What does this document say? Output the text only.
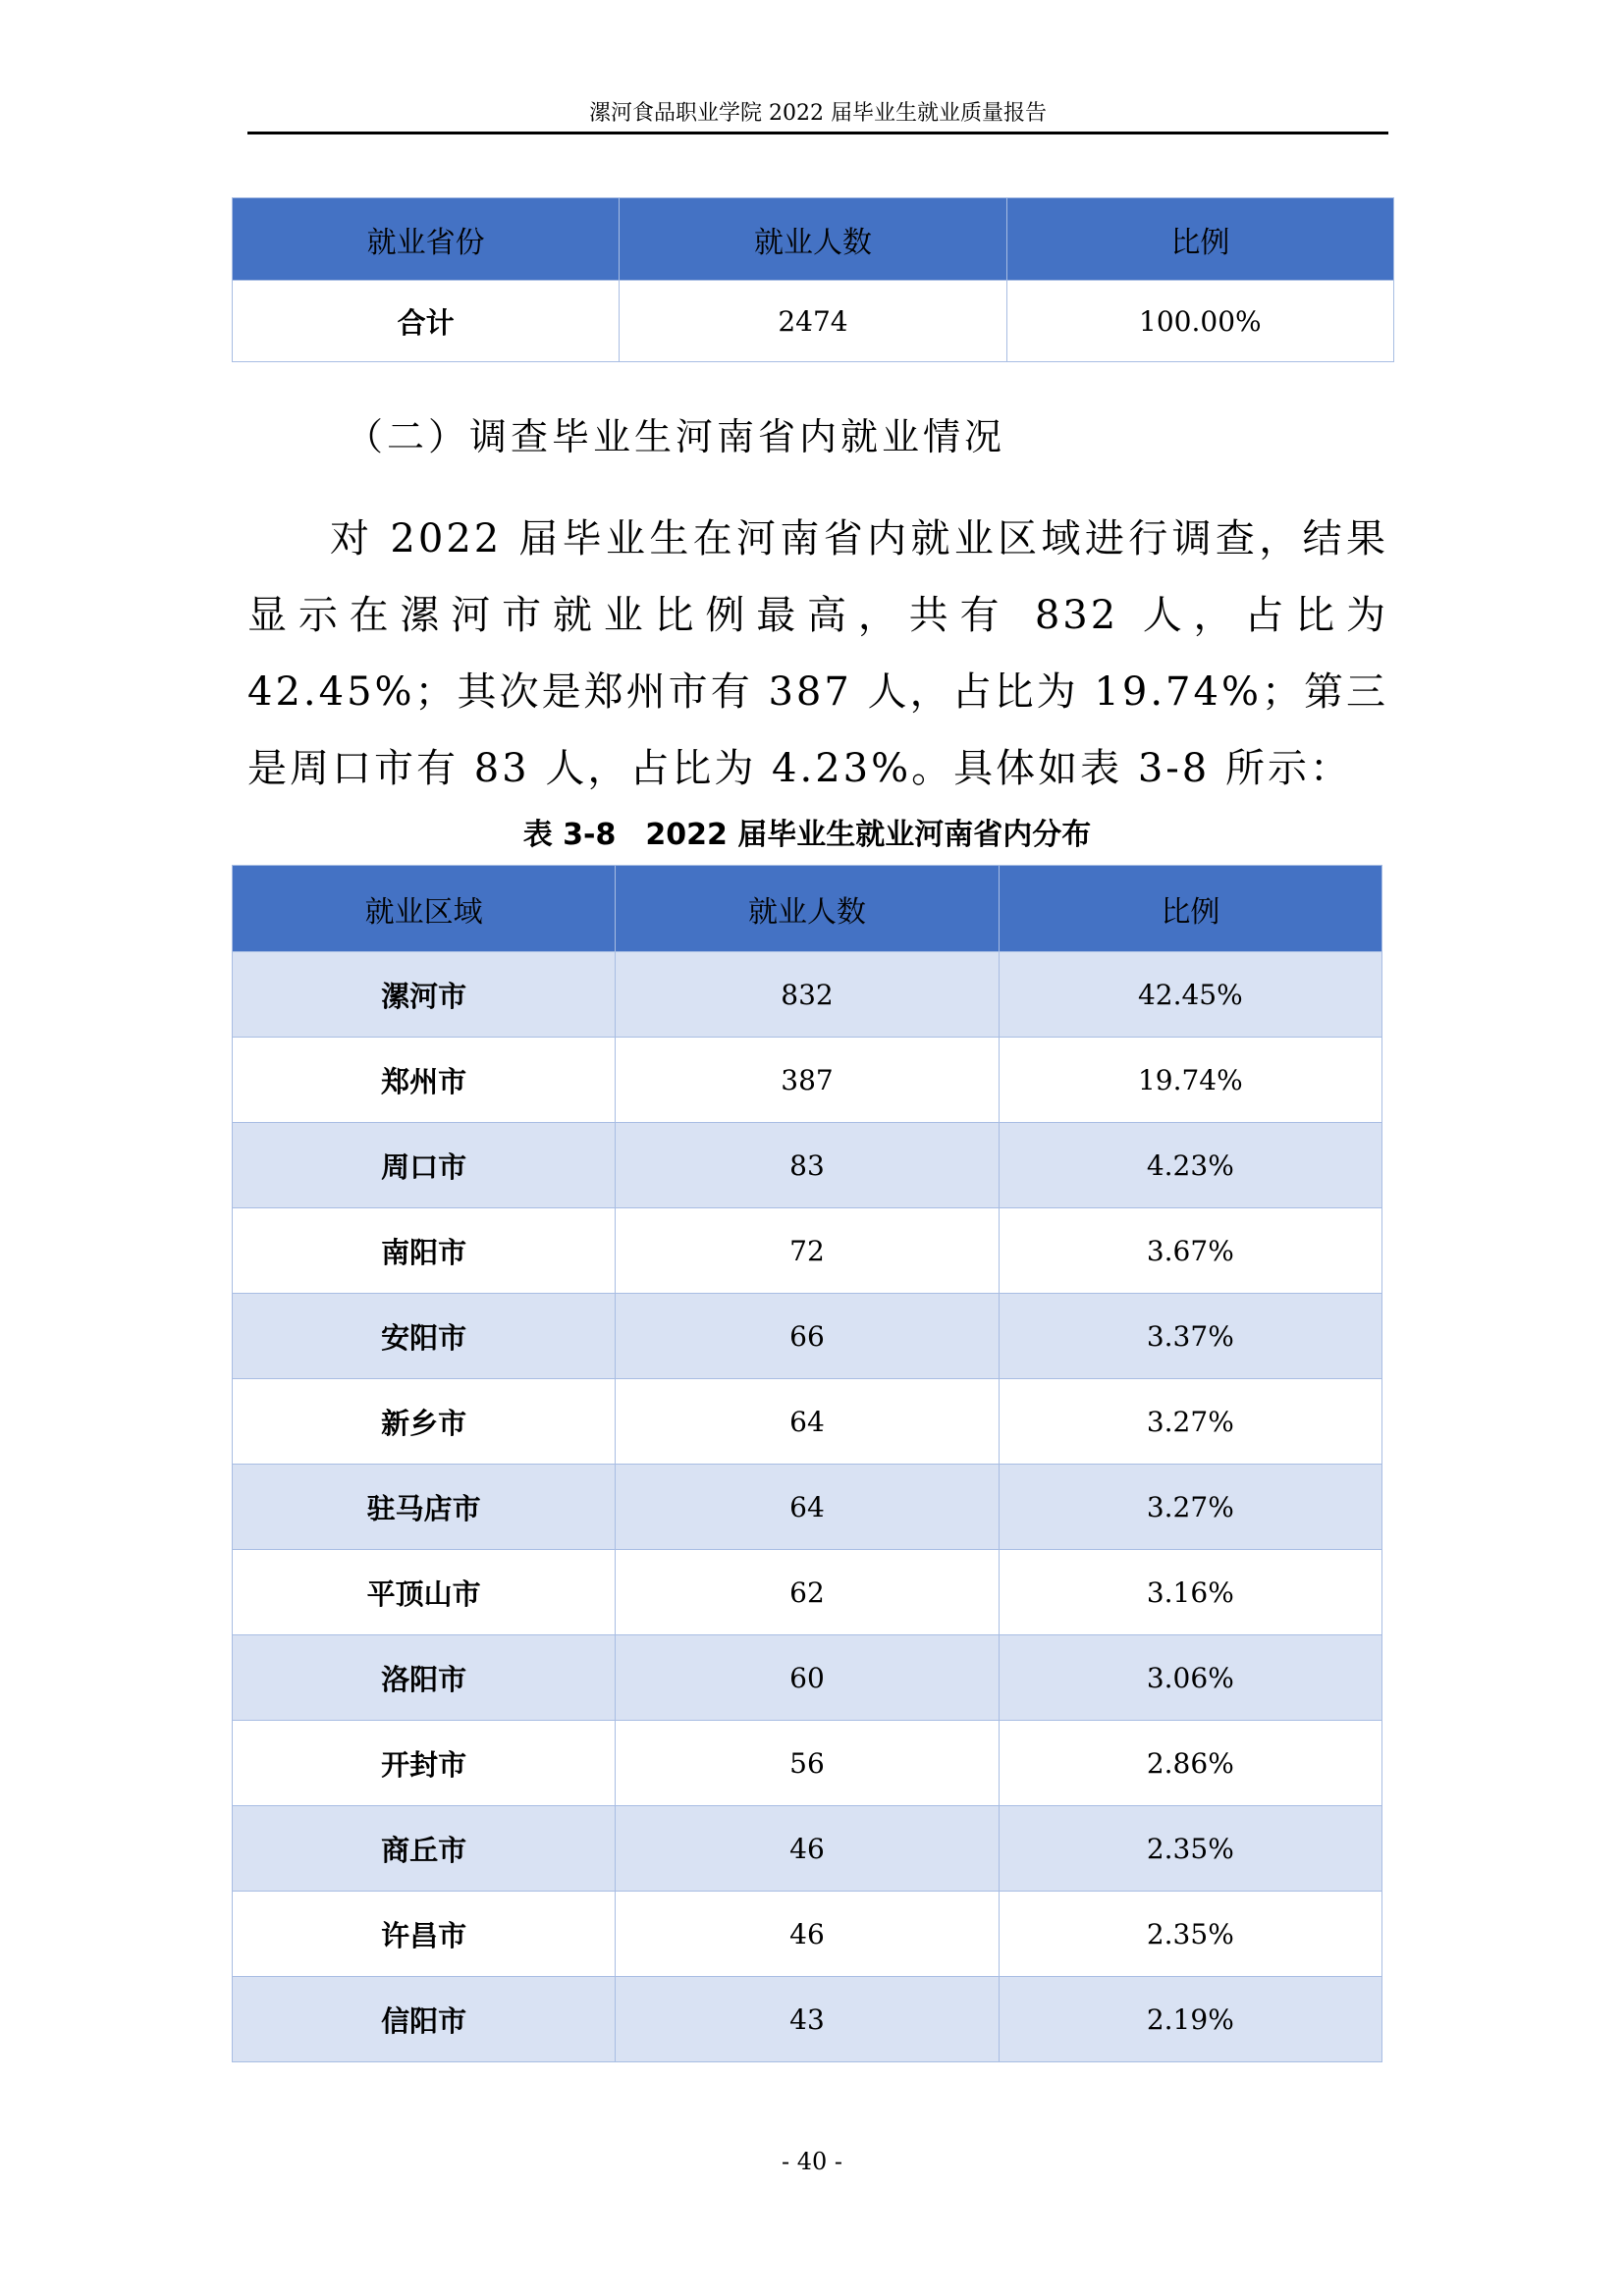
漯河食品职业学院 2022 届毕业生就业质量报告
就业省份	就业人数	比例
合计	2474	100.00%
（二）调查毕业生河南省内就业情况
对 2022 届毕业生在河南省内就业区域进行调查，结果显示在漯河市就业比例最高，共有 832 人，占比为 42.45%；其次是郑州市有 387 人，占比为 19.74%；第三是周口市有 83 人，占比为 4.23%。具体如表 3-8 所示：
表 3-8　2022 届毕业生就业河南省内分布
就业区域	就业人数	比例
漯河市	832	42.45%
郑州市	387	19.74%
周口市	83	4.23%
南阳市	72	3.67%
安阳市	66	3.37%
新乡市	64	3.27%
驻马店市	64	3.27%
平顶山市	62	3.16%
洛阳市	60	3.06%
开封市	56	2.86%
商丘市	46	2.35%
许昌市	46	2.35%
信阳市	43	2.19%
- 40 -
